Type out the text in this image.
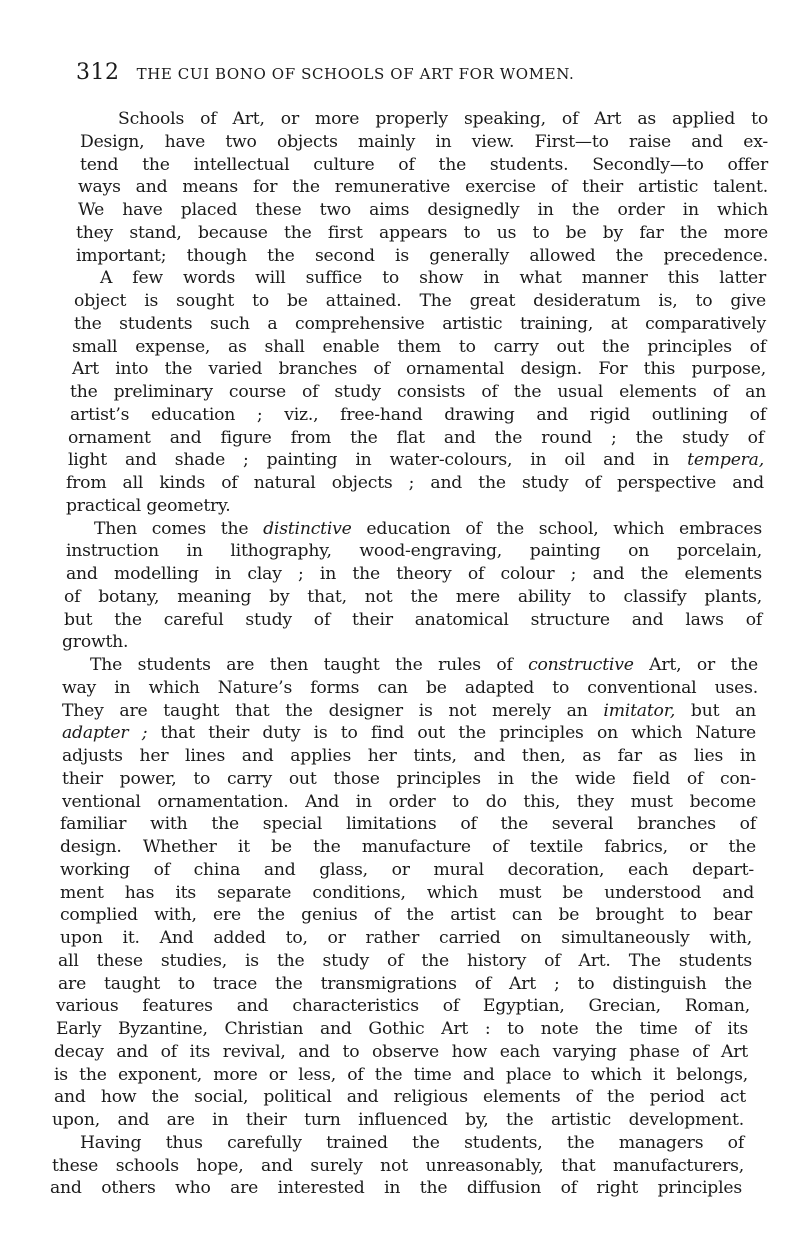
312 THE CUI BONO OF SCHOOLS OF ART FOR WOMEN.
Schools of Art, or more properly speaking, of Art as applied to
Design, have two objects mainly in view. First—to raise and ex-
tend the intellectual culture of the students. Secondly—to offer
ways and means for the remunerative exercise of their artistic talent.
We have placed these two aims designedly in the order in which
they stand, because the first appears to us to be by far the more
important; though the second is generally allowed the precedence.
A few words will suffice to show in what manner this latter
object is sought to be attained. The great desideratum is, to give
the students such a comprehensive artistic training, at comparatively
small expense, as shall enable them to carry out the principles of
Art into the varied branches of ornamental design. For this purpose,
the preliminary course of study consists of the usual elements of an
artist’s education ; viz., free-hand drawing and rigid outlining of
ornament and figure from the flat and the round ; the study of
light and shade ; painting in water-colours, in oil and in tempera,
from all kinds of natural objects ; and the study of perspective and
practical geometry.
Then comes the distinctive education of the school, which embraces
instruction in lithography, wood-engraving, painting on porcelain,
and modelling in clay ; in the theory of colour ; and the elements
of botany, meaning by that, not the mere ability to classify plants,
but the careful study of their anatomical structure and laws of
growth.
The students are then taught the rules of constructive Art, or the
way in which Nature’s forms can be adapted to conventional uses.
They are taught that the designer is not merely an imitator, but an
adapter ; that their duty is to find out the principles on which Nature
adjusts her lines and applies her tints, and then, as far as lies in
their power, to carry out those principles in the wide field of con-
ventional ornamentation. And in order to do this, they must become
familiar with the special limitations of the several branches of
design. Whether it be the manufacture of textile fabrics, or the
working of china and glass, or mural decoration, each depart-
ment has its separate conditions, which must be understood and
complied with, ere the genius of the artist can be brought to bear
upon it. And added to, or rather carried on simultaneously with,
all these studies, is the study of the history of Art. The students
are taught to trace the transmigrations of Art ; to distinguish the
various features and characteristics of Egyptian, Grecian, Roman,
Early Byzantine, Christian and Gothic Art : to note the time of its
decay and of its revival, and to observe how each varying phase of Art
is the exponent, more or less, of the time and place to which it belongs,
and how the social, political and religious elements of the period act
upon, and are in their turn influenced by, the artistic development.
Having thus carefully trained the students, the managers of
these schools hope, and surely not unreasonably, that manufacturers,
and others who are interested in the diffusion of right principles
